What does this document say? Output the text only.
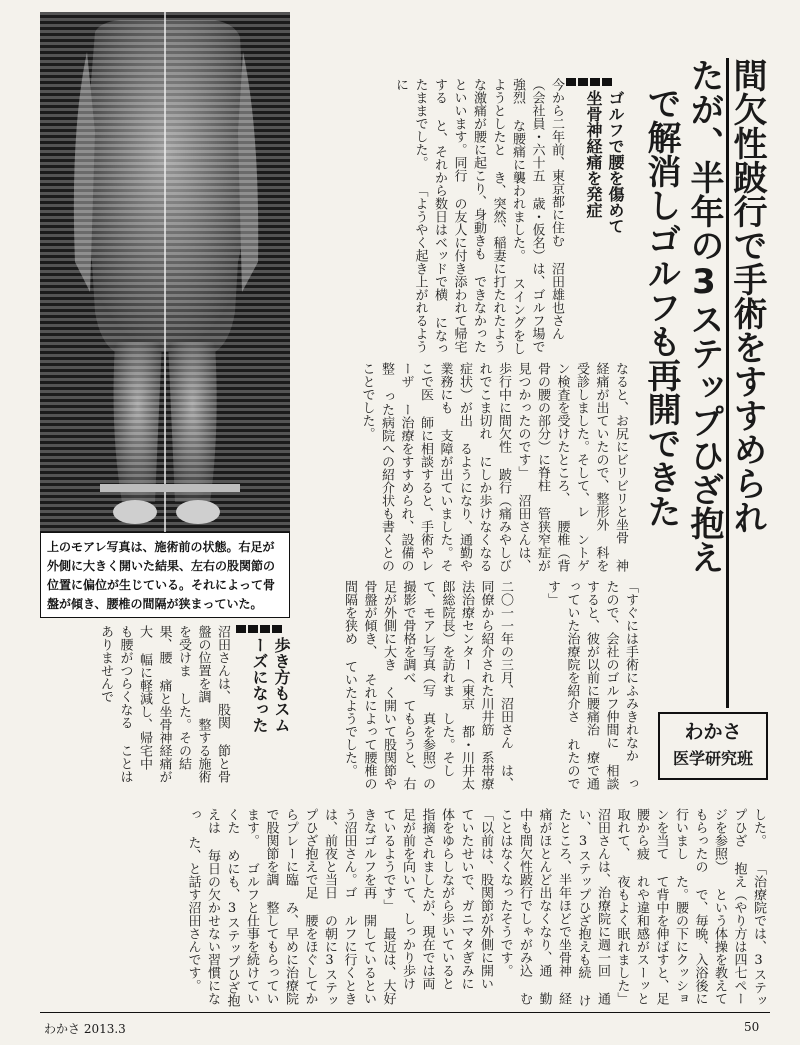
上のモアレ写真は、施術前の状態。右足が外側に大きく開いた結果、左右の股関節の位置に偏位が生じている。それによって骨盤が傾き、腰椎の間隔が狭まっていた。
間欠性跛行で手術をすすめられ
たが、半年の3ステップひざ抱え
で解消しゴルフも再開できた
わかさ
医学研究班
ゴルフで腰を傷めて
坐骨神経痛を発症
今から二年前、東京都に住む 沼田雄也さん（会社員・六十五 歳・仮名）は、ゴルフ場で強烈 な腰痛に襲われました。 スイングをしようとしたと き、突然、稲妻に打たれたよう な激痛が腰に起こり、身動きも できなかったといいます。同行 の友人に付き添われて帰宅する と、それから数日はベッドで横 になったままでした。 「ようやく起き上がれるように
なると、お尻にビリビリと坐骨 神経痛が出ていたので、整形外 科を受診しました。そして、レ ントゲン検査を受けたところ、 腰椎（背骨の腰の部分）に脊柱 管狭窄症が見つかったのです」 沼田さんは、歩行中に間欠性 跛行（痛みやしびれでこま切れ にしか歩けなくなる症状）が出 るようになり、通勤や業務にも 支障が出ていました。そこで医 師に相談すると、手術やレーザ ー治療をすすめられ、設備の整 った病院への紹介状も書くとの ことでした。
「すぐには手術にふみきれなか ったので、会社のゴルフ仲間に 相談すると、彼が以前に腰痛治 療で通っていた治療院を紹介さ れたのです」
二〇一一年の三月、沼田さん は、同僚から紹介された川井筋 系帯療法治療センター（東京 都・川井太郎総院長）を訪れま した。そして、モアレ写真（写 真を参照）の撮影で骨格を調べ てもらうと、右足が外側に大き く開いて股関節や骨盤が傾き、 それによって腰椎の間隔を狭め ていたようでした。
歩き方もスム
ーズになった
沼田さんは、股関 節と骨盤の位置を調 整する施術を受けま した。その結果、腰 痛と坐骨神経痛が大 幅に軽減し、帰宅中 も腰がつらくなる ことはありませんで
した。 「治療院では、3ステップひざ 抱え（やり方は四七ページを参照） という体操を教えてもらったの で、毎晩、入浴後に行いまし た。腰の下にクッションを当て て背中を伸ばすと、足腰から疲 れや違和感がスーッと取れて、 夜もよく眠れました」 沼田さんは、治療院に週一回 通い、3ステップひざ抱えも続 けたところ、半年ほどで坐骨神 経痛がほとんど出なくなり、通 勤中も間欠性跛行でしゃがみ込 むことはなくなったそうです。 「以前は、股関節が外側に開い ていたせいで、ガニマタぎみに 体をゆらしながら歩いていると 指摘されましたが、現在では両 足が前を向いて、しっかり歩け ているようです」 最近は、大好きなゴルフを再 開しているという沼田さん。ゴ ルフに行くときは、前夜と当日 の朝に3ステップひざ抱えで足 腰をほぐしてからプレーに臨 み、早めに治療院で股関節を調 整してもらっています。 ゴルフと仕事を続けていくた めにも、3ステップひざ抱えは 毎日の欠かせない習慣になっ た、と話す沼田さんです。
わかさ 2013.3	50
